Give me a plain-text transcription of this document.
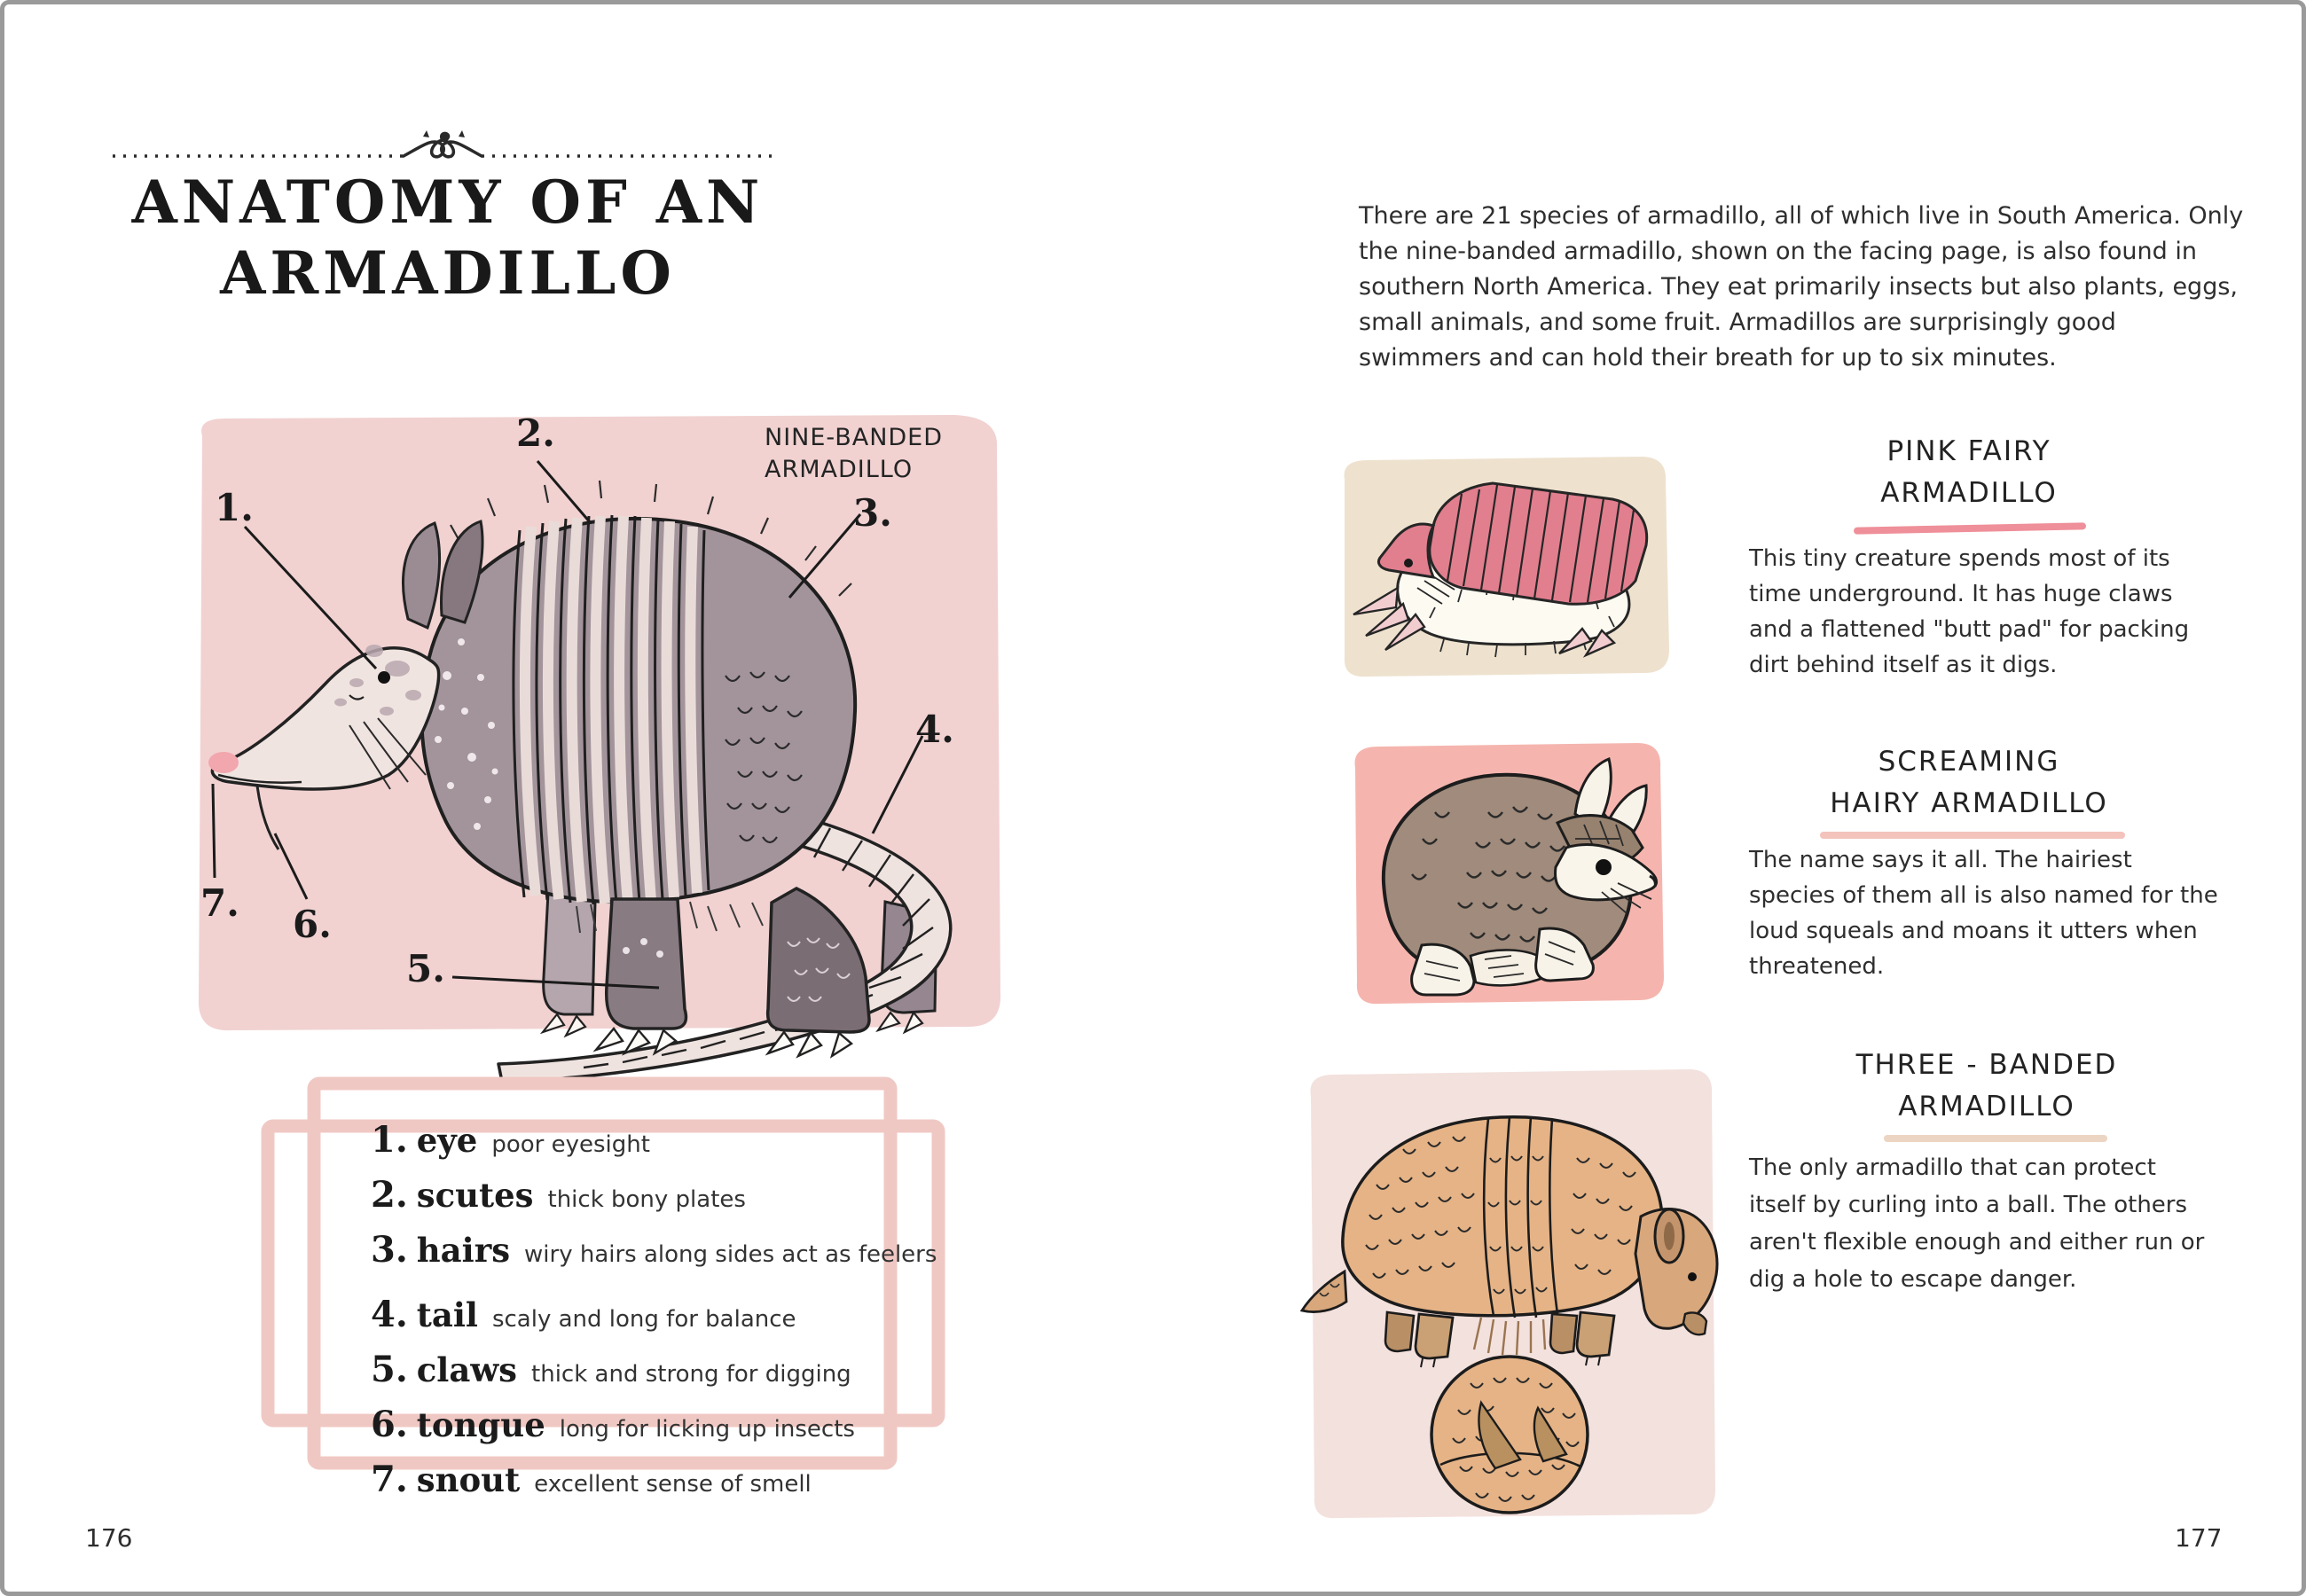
ANATOMY OF AN
ARMADILLO
NINE-BANDED
ARMADILLO
1.
2.
3.
4.
5.
6.
7.
1. eye poor eyesight
2. scutes thick bony plates
3. hairs wiry hairs along sides act as feelers
4. tail scaly and long for balance
5. claws thick and strong for digging
6. tongue long for licking up insects
7. snout excellent sense of smell
176
There are 21 species of armadillo, all of which live in South America. Only the nine-banded armadillo, shown on the facing page, is also found in southern North America. They eat primarily insects but also plants, eggs, small animals, and some fruit. Armadillos are surprisingly good swimmers and can hold their breath for up to six minutes.
PINK FAIRY
ARMADILLO
This tiny creature spends most of its time underground. It has huge claws and a flattened "butt pad" for packing dirt behind itself as it digs.
SCREAMING
HAIRY ARMADILLO
The name says it all. The hairiest species of them all is also named for the loud squeals and moans it utters when threatened.
THREE - BANDED
ARMADILLO
The only armadillo that can protect itself by curling into a ball. The others aren't flexible enough and either run or dig a hole to escape danger.
177
